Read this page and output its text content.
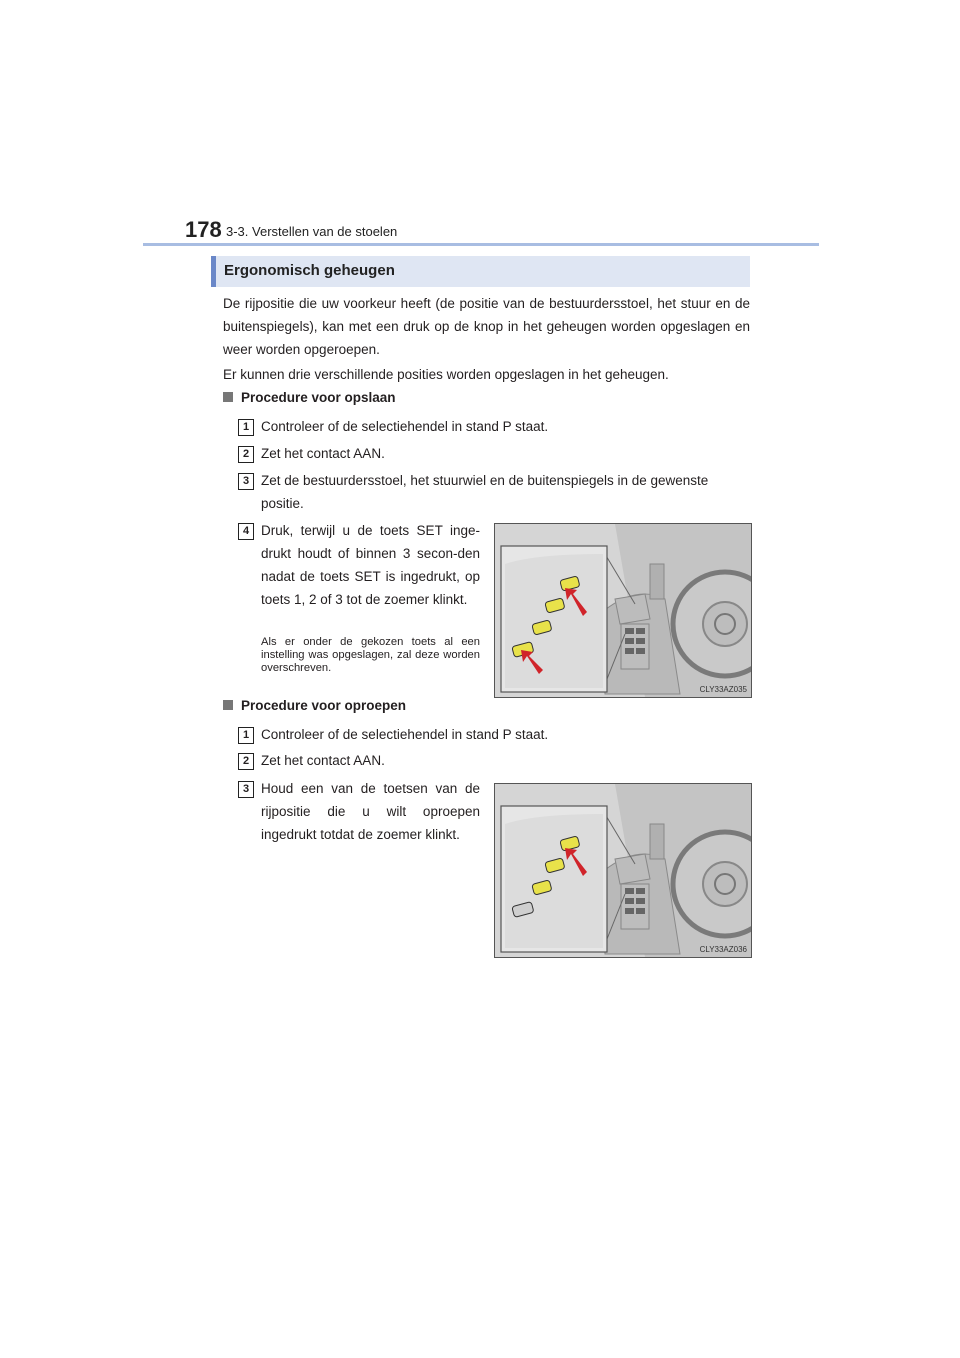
178 3-3. Verstellen van de stoelen
Ergonomisch geheugen
De rijpositie die uw voorkeur heeft (de positie van de bestuurdersstoel, het stuur en de buitenspiegels), kan met een druk op de knop in het geheugen worden opgeslagen en weer worden opgeroepen.
Er kunnen drie verschillende posities worden opgeslagen in het geheugen.
Procedure voor opslaan
1 Controleer of de selectiehendel in stand P staat.
2 Zet het contact AAN.
3 Zet de bestuurdersstoel, het stuurwiel en de buitenspiegels in de gewenste positie.
4 Druk, terwijl u de toets SET inge-drukt houdt of binnen 3 secon-den nadat de toets SET is ingedrukt, op toets 1, 2 of 3 tot de zoemer klinkt.
Als er onder de gekozen toets al een instelling was opgeslagen, zal deze worden overschreven.
CLY33AZ035
Procedure voor oproepen
1 Controleer of de selectiehendel in stand P staat.
2 Zet het contact AAN.
3 Houd een van de toetsen van de rijpositie die u wilt oproepen ingedrukt totdat de zoemer klinkt.
CLY33AZ036
